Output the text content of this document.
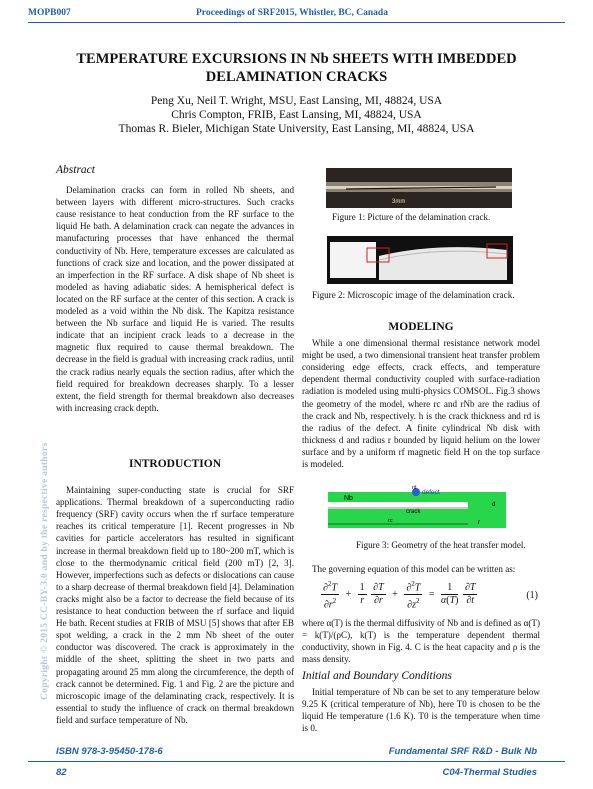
MOPB007	Proceedings of SRF2015, Whistler, BC, Canada
TEMPERATURE EXCURSIONS IN Nb SHEETS WITH IMBEDDED
DELAMINATION CRACKS
Peng Xu, Neil T. Wright, MSU, East Lansing, MI, 48824, USA
Chris Compton, FRIB, East Lansing, MI, 48824, USA
Thomas R. Bieler, Michigan State University, East Lansing, MI, 48824, USA
Abstract

Delamination cracks can form in rolled Nb sheets, and between layers with different micro-structures. Such cracks cause resistance to heat conduction from the RF surface to the liquid He bath. A delamination crack can negate the advances in manufacturing processes that have enhanced the thermal conductivity of Nb. Here, temperature excesses are calculated as functions of crack size and location, and the power dissipated at an imperfection in the RF surface. A disk shape of Nb sheet is modeled as having adiabatic sides. A hemispherical defect is located on the RF surface at the center of this section. A crack is modeled as a void within the Nb disk. The Kapitza resistance between the Nb surface and liquid He is varied. The results indicate that an incipient crack leads to a decrease in the magnetic flux required to cause thermal breakdown. The decrease in the field is gradual with increasing crack radius, until the crack radius nearly equals the section radius, after which the field required for breakdown decreases sharply. To a lesser extent, the field strength for thermal breakdown also decreases with increasing crack depth.

INTRODUCTION

Maintaining super-conducting state is crucial for SRF applications. Thermal breakdown of a superconducting radio frequency (SRF) cavity occurs when the rf surface temperature reaches its critical temperature [1]. Recent progresses in Nb cavities for particle accelerators has resulted in significant increase in thermal breakdown field up to 180~200 mT, which is close to the thermodynamic critical field (200 mT) [2, 3]. However, imperfections such as defects or dislocations can cause to a sharp decrease of thermal breakdown field [4]. Delamination cracks might also be a factor to decrease the field because of its resistance to heat conduction between the rf surface and liquid He bath. Recent studies at FRIB of MSU [5] shows that after EB spot welding, a crack in the 2 mm Nb sheet of the outer conductor was discovered. The crack is approximately in the middle of the sheet, splitting the sheet in two parts and propagating around 25 mm along the circumference, the depth of crack cannot be determined. Fig. 1 and Fig. 2 are the picture and microscopic image of the delaminating crack, respectively. It is essential to study the influence of crack on thermal breakdown field and surface temperature of Nb.

3mm
Figure 1: Picture of the delamination crack.
Figure 2: Microscopic image of the delamination crack.
MODELING

While a one dimensional thermal resistance network model might be used, a two dimensional transient heat transfer problem considering edge effects, crack effects, and temperature dependent thermal conductivity coupled with surface-radiation radiation is modeled using multi-physics COMSOL. Fig.3 shows the geometry of the model, where rc and rNb are the radius of the crack and Nb, respectively. h is the crack thickness and rd is the radius of the defect. A finite cylindrical Nb disk with thickness d and radius r bounded by liquid helium on the lower surface and by a uniform rf magnetic field H on the top surface is modeled.

Nb
defect
crack
d
r
rc
rd
Figure 3: Geometry of the heat transfer model.

The governing equation of this model can be written as:

$\frac{\partial^2T}{\partial r^2} + \frac{1}{r}$
$\frac{\partial T}{\partial r} + \frac{\partial^2T}{\partial z^2} = \frac{1}{\alpha(T)}$
$\frac{\partial T}{\partial t}$	(1)

where α(T) is the thermal diffusivity of Nb and is defined as α(T) = k(T)/(ρC), k(T) is the temperature dependent thermal conductivity, shown in Fig. 4. C is the heat capacity and ρ is the mass density.

Initial and Boundary Conditions

Initial temperature of Nb can be set to any temperature below 9.25 K (critical temperature of Nb), here T0 is chosen to be the liquid He temperature (1.6 K). T0 is the temperature when time is 0.

Copyright © 2015 CC-BY-3.0 and by the respective authors
ISBN 978-3-95450-178-6	Fundamental SRF R&D - Bulk Nb
82	C04-Thermal Studies
